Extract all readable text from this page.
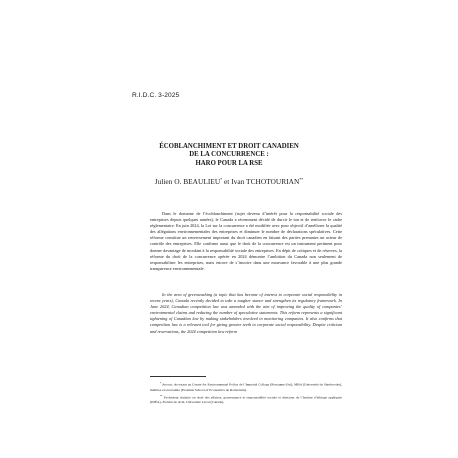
R.I.D.C. 3-2025
ÉCOBLANCHIMENT ET DROIT CANADIEN
DE LA CONCURRENCE :
HARO POUR LA RSE
Julien O. BEAULIEU* et Ivan TCHOTOURIAN**

Dans le domaine de l’écoblanchiment (sujet devenu d’intérêt pour la responsabilité sociale des entreprises depuis quelques années), le Canada a récemment décidé de durcir le ton et de renforcer le cadre réglementaire. En juin 2024, la Loi sur la concurrence a été modifiée avec pour objectif d’améliorer la qualité des allégations environnementales des entreprises et diminuer le nombre de déclarations spéculatives. Cette réforme constitue un renversement important du droit canadien en faisant des parties prenantes un acteur de contrôle des entreprises. Elle confirme aussi que le droit de la concurrence est un instrument pertinent pour donner davantage de mordant à la responsabilité sociale des entreprises. En dépit de critiques et de réserves, la réforme du droit de la concurrence opérée en 2024 démontre l’ambition du Canada non seulement de responsabiliser les entreprises, mais encore de s’inscrire dans une mouvance favorable à une plus grande transparence environnementale.

In the area of greenwashing (a topic that has become of interest to corporate social responsibility in recent years), Canada recently decided to take a tougher stance and strengthen its regulatory framework. In June 2024, Canadian competition law was amended with the aim of improving the quality of companies’ environmental claims and reducing the number of speculative statements. This reform represents a significant tightening of Canadian law by making stakeholders involved in monitoring companies. It also confirms that competition law is a relevant tool for giving greater teeth to corporate social responsibility. Despite criticism and reservations, the 2024 competition law reform

* Avocat, doctorant au Centre for Environmental Policy de l’Imperial College (Royaume-Uni), MBA (Université de Sherbrooke), maîtrise en économie (Erasmus School of Economics de Rotterdam).
** Professeur titulaire en droit des affaires, gouvernance et responsabilité sociale et directeur de l’Institut d’éthique appliquée (IDÉA), Faculté de droit, Université Laval (Canada).
